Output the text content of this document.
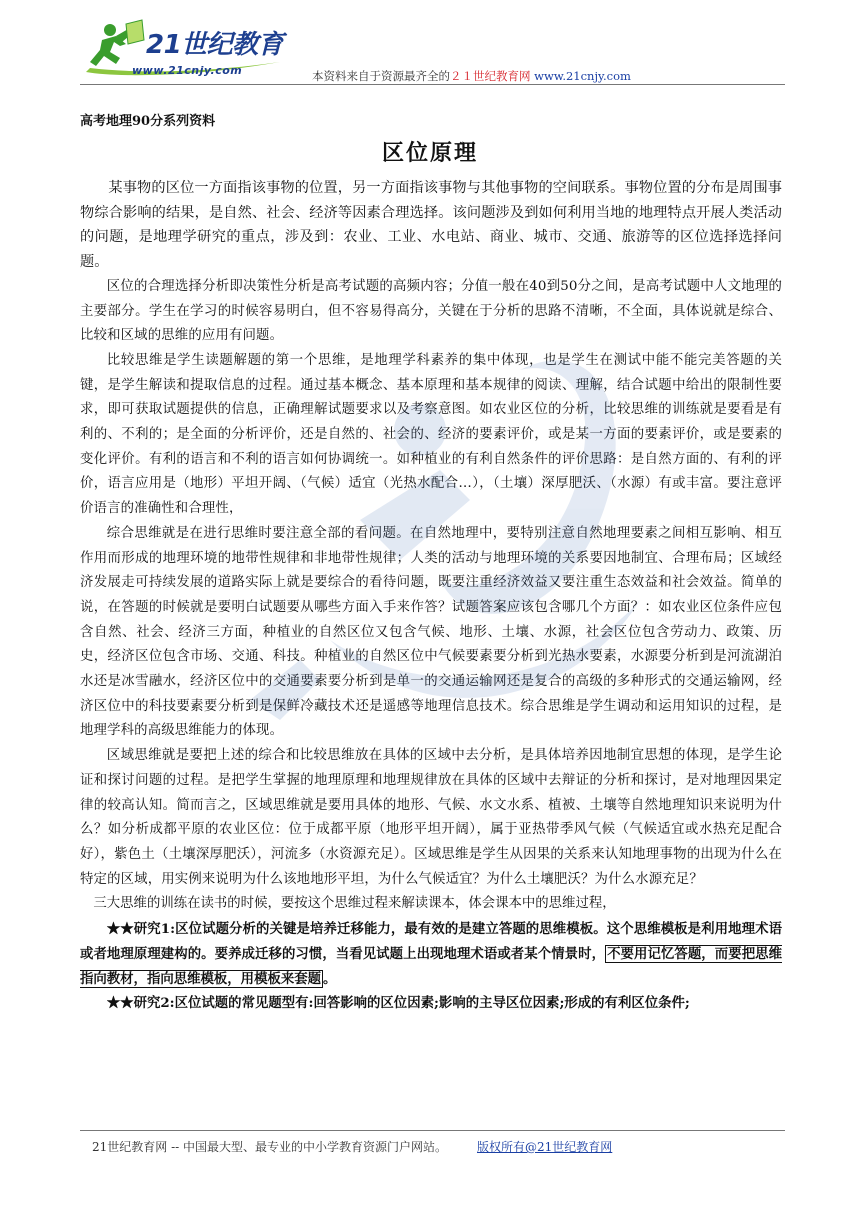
21世纪教育
www.21cnjy.com	本资料来自于资源最齐全的２１世纪教育网 www.21cnjy.com
高考地理90分系列资料
区位原理

某事物的区位一方面指该事物的位置，另一方面指该事物与其他事物的空间联系。事物位置的分布是周围事物综合影响的结果，是自然、社会、经济等因素合理选择。该问题涉及到如何利用当地的地理特点开展人类活动的问题，是地理学研究的重点，涉及到：农业、工业、水电站、商业、城市、交通、旅游等的区位选择选择问题。

区位的合理选择分析即决策性分析是高考试题的高频内容；分值一般在40到50分之间，是高考试题中人文地理的主要部分。学生在学习的时候容易明白，但不容易得高分，关键在于分析的思路不清晰，不全面，具体说就是综合、比较和区域的思维的应用有问题。

比较思维是学生读题解题的第一个思维，是地理学科素养的集中体现，也是学生在测试中能不能完美答题的关键，是学生解读和提取信息的过程。通过基本概念、基本原理和基本规律的阅读、理解，结合试题中给出的限制性要求，即可获取试题提供的信息，正确理解试题要求以及考察意图。如农业区位的分析，比较思维的训练就是要看是有利的、不利的；是全面的分析评价，还是自然的、社会的、经济的要素评价，或是某一方面的要素评价，或是要素的变化评价。有利的语言和不利的语言如何协调统一。如种植业的有利自然条件的评价思路：是自然方面的、有利的评价，语言应用是（地形）平坦开阔、（气候）适宜（光热水配合…），（土壤）深厚肥沃、（水源）有或丰富。要注意评价语言的准确性和合理性，

综合思维就是在进行思维时要注意全部的看问题。在自然地理中，要特别注意自然地理要素之间相互影响、相互作用而形成的地理环境的地带性规律和非地带性规律；人类的活动与地理环境的关系要因地制宜、合理布局；区域经济发展走可持续发展的道路实际上就是要综合的看待问题，既要注重经济效益又要注重生态效益和社会效益。简单的说，在答题的时候就是要明白试题要从哪些方面入手来作答？试题答案应该包含哪几个方面？：如农业区位条件应包含自然、社会、经济三方面，种植业的自然区位又包含气候、地形、土壤、水源，社会区位包含劳动力、政策、历史，经济区位包含市场、交通、科技。种植业的自然区位中气候要素要分析到光热水要素，水源要分析到是河流湖泊水还是冰雪融水，经济区位中的交通要素要分析到是单一的交通运输网还是复合的高级的多种形式的交通运输网，经济区位中的科技要素要分析到是保鲜冷藏技术还是遥感等地理信息技术。综合思维是学生调动和运用知识的过程，是地理学科的高级思维能力的体现。

区域思维就是要把上述的综合和比较思维放在具体的区域中去分析，是具体培养因地制宜思想的体现，是学生论证和探讨问题的过程。是把学生掌握的地理原理和地理规律放在具体的区域中去辩证的分析和探讨，是对地理因果定律的较高认知。简而言之，区域思维就是要用具体的地形、气候、水文水系、植被、土壤等自然地理知识来说明为什么？如分析成都平原的农业区位：位于成都平原（地形平坦开阔），属于亚热带季风气候（气候适宜或水热充足配合好），紫色土（土壤深厚肥沃），河流多（水资源充足）。区域思维是学生从因果的关系来认知地理事物的出现为什么在特定的区域，用实例来说明为什么该地地形平坦，为什么气候适宜？为什么土壤肥沃？为什么水源充足？

三大思维的训练在读书的时候，要按这个思维过程来解读课本，体会课本中的思维过程，

★★研究1:区位试题分析的关键是培养迁移能力，最有效的是建立答题的思维模板。这个思维模板是利用地理术语或者地理原理建构的。要养成迁移的习惯，当看见试题上出现地理术语或者某个情景时， 不要用记忆答题，而要把思维指向教材，指向思维模板，用模板来套题 。

★★研究2:区位试题的常见题型有:回答影响的区位因素;影响的主导区位因素;形成的有利区位条件;

21世纪教育网 -- 中国最大型、最专业的中小学教育资源门户网站。	版权所有@21世纪教育网
